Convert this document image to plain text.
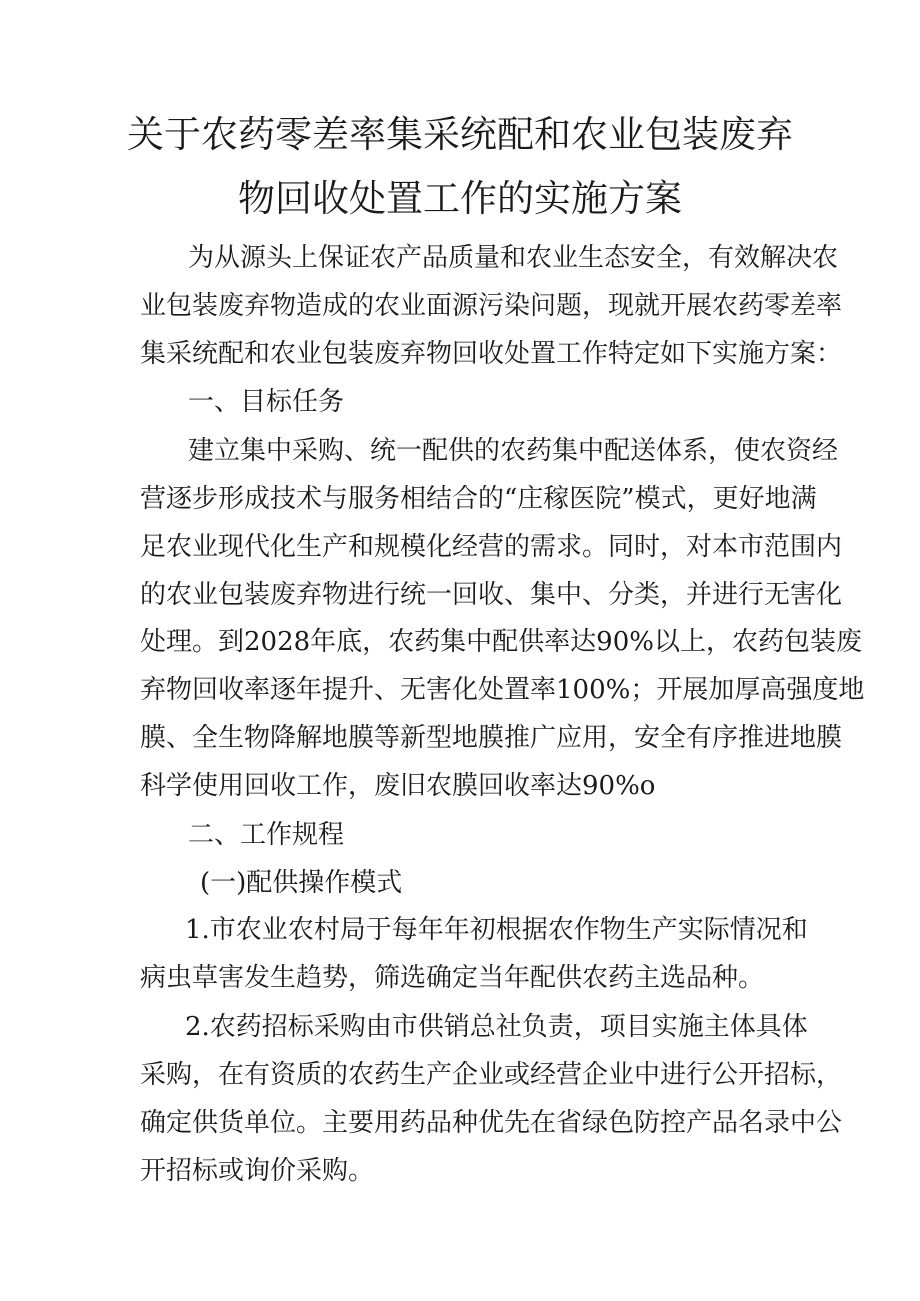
关于农药零差率集采统配和农业包装废弃
物回收处置工作的实施方案
为从源头上保证农产品质量和农业生态安全，有效解决农
业包装废弃物造成的农业面源污染问题，现就开展农药零差率
集采统配和农业包装废弃物回收处置工作特定如下实施方案：
一、目标任务
建立集中采购、统一配供的农药集中配送体系，使农资经
营逐步形成技术与服务相结合的“庄稼医院”模式，更好地满
足农业现代化生产和规模化经营的需求。同时，对本市范围内
的农业包装废弃物进行统一回收、集中、分类，并进行无害化
处理。到2028年底，农药集中配供率达90%以上，农药包装废
弃物回收率逐年提升、无害化处置率100%；开展加厚高强度地
膜、全生物降解地膜等新型地膜推广应用，安全有序推进地膜
科学使用回收工作，废旧农膜回收率达90%o
二、工作规程
(一)配供操作模式
1.市农业农村局于每年年初根据农作物生产实际情况和
病虫草害发生趋势，筛选确定当年配供农药主选品种。
2.农药招标采购由市供销总社负责，项目实施主体具体
采购，在有资质的农药生产企业或经营企业中进行公开招标，
确定供货单位。主要用药品种优先在省绿色防控产品名录中公
开招标或询价采购。
